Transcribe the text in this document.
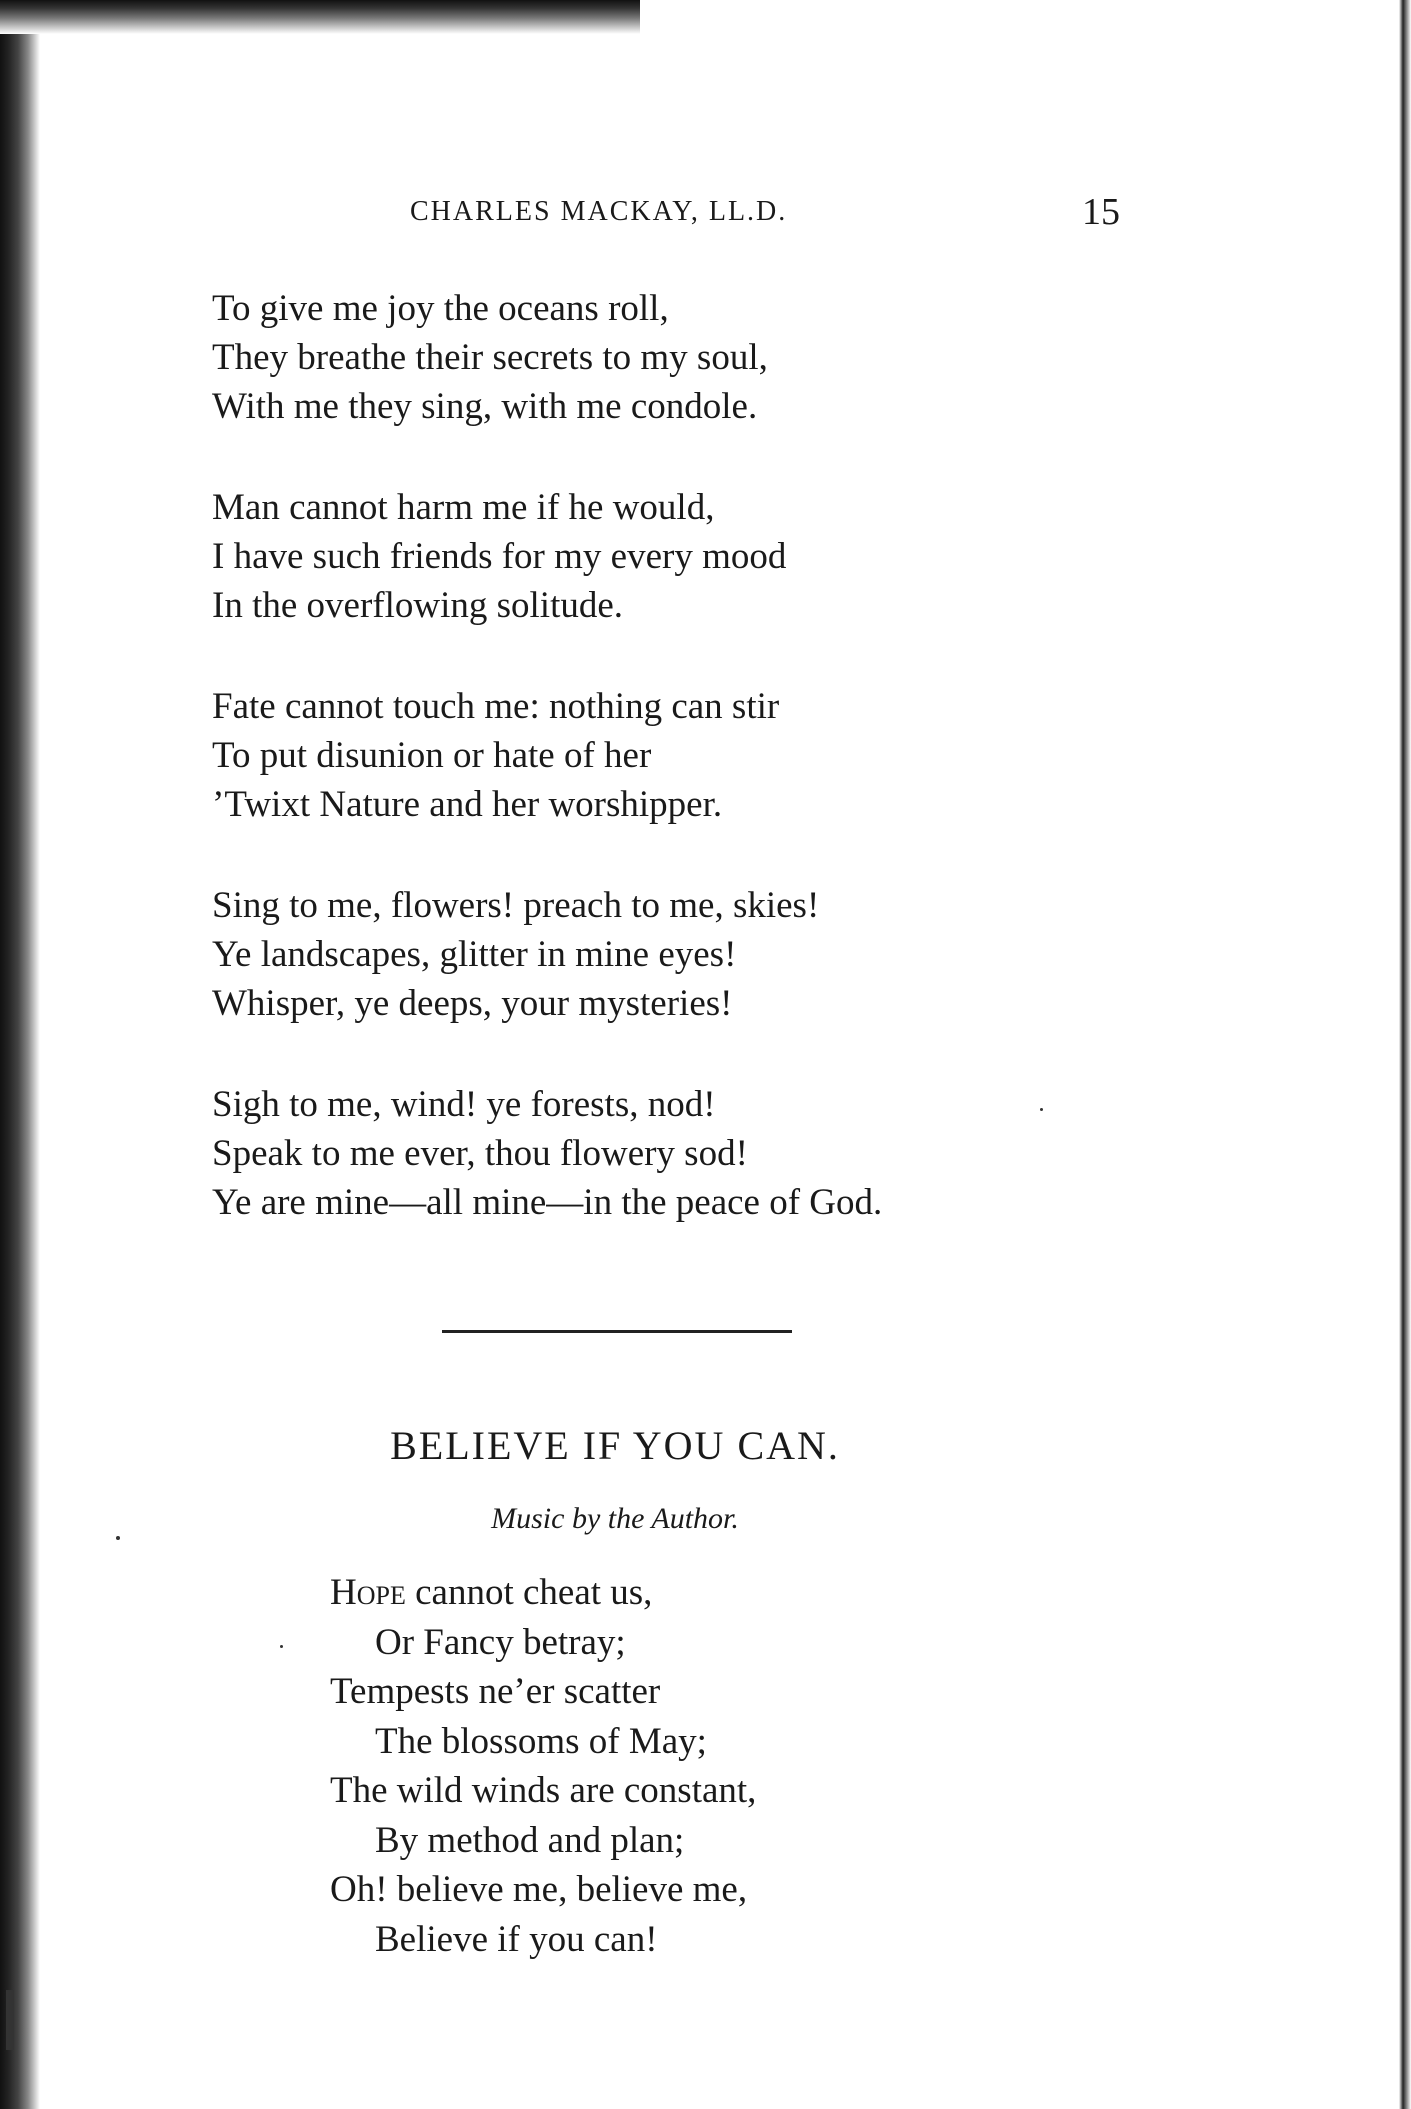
CHARLES MACKAY, LL.D.	15
To give me joy the oceans roll,
They breathe their secrets to my soul,
With me they sing, with me condole.
Man cannot harm me if he would,
I have such friends for my every mood
In the overflowing solitude.
Fate cannot touch me: nothing can stir
To put disunion or hate of her
’Twixt Nature and her worshipper.
Sing to me, flowers! preach to me, skies!
Ye landscapes, glitter in mine eyes!
Whisper, ye deeps, your mysteries!
Sigh to me, wind! ye forests, nod!
Speak to me ever, thou flowery sod!
Ye are mine—all mine—in the peace of God.
BELIEVE IF YOU CAN.
Music by the Author.
Hope cannot cheat us,
Or Fancy betray;
Tempests ne’er scatter
The blossoms of May;
The wild winds are constant,
By method and plan;
Oh! believe me, believe me,
Believe if you can!
